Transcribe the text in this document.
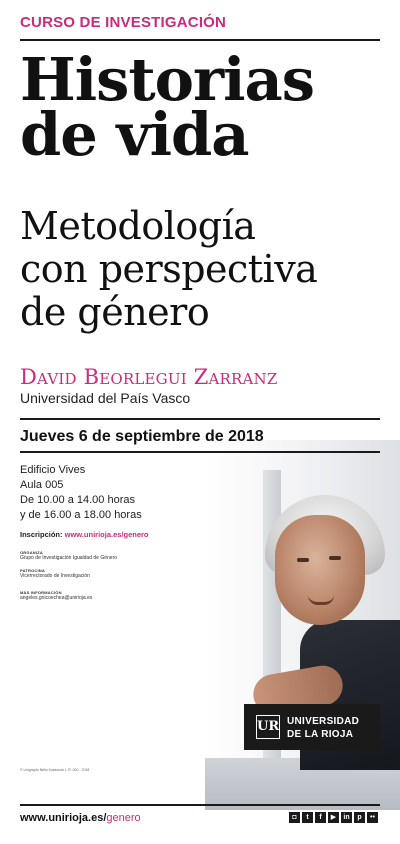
CURSO DE INVESTIGACIÓN
Historias
de vida
Metodología
con perspectiva
de género
David Beorlegui Zarranz
Universidad del País Vasco
Jueves 6 de septiembre de 2018
Edificio Vives
Aula 005
De 10.00 a 14.00 horas
y de 16.00 a 18.00 horas
Inscripción: www.unirioja.es/genero
ORGANIZA
Grupo de Investigación Igualdad de Género
PATROCINA
Vicerrectorado de Investigación
MÁS INFORMACIÓN
angeles.goicoechea@unirioja.es
© Unigrapfo Nélio Kassoudo L.R. 000 - 2018
UR UNIVERSIDAD
DE LA RIOJA
www.unirioja.es/genero	◘	t	f	▶	in	p	••
